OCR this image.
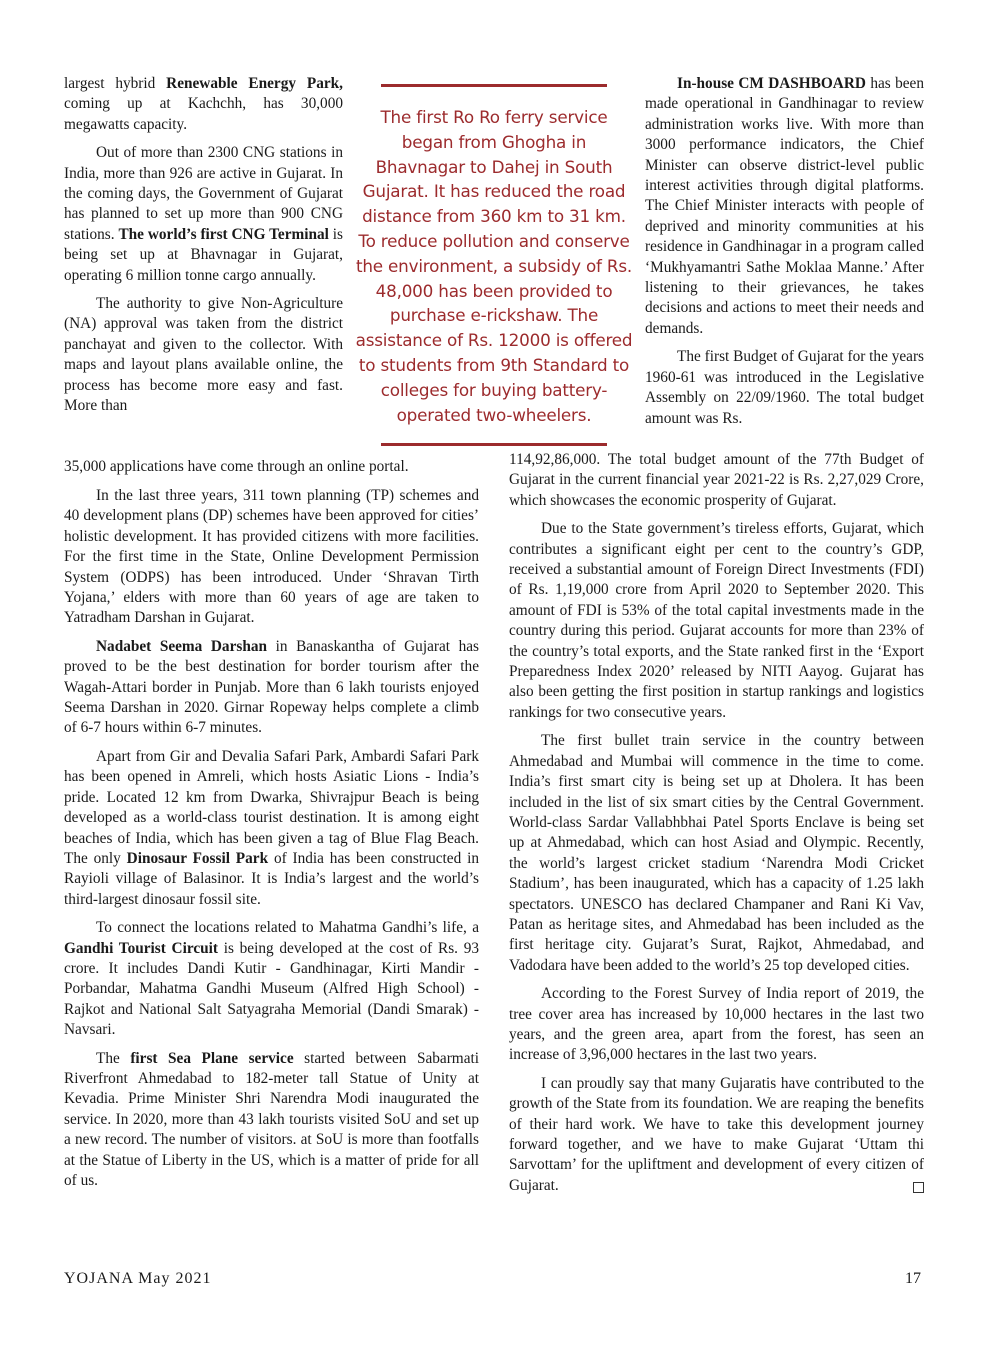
largest hybrid Renewable Energy Park, coming up at Kachchh, has 30,000 megawatts capacity.

Out of more than 2300 CNG stations in India, more than 926 are active in Gujarat. In the coming days, the Government of Gujarat has planned to set up more than 900 CNG stations. The world’s first CNG Terminal is being set up at Bhavnagar in Gujarat, operating 6 million tonne cargo annually.

The authority to give Non-Agriculture (NA) approval was taken from the district panchayat and given to the collector. With maps and layout plans available online, the process has become more easy and fast. More than

35,000 applications have come through an online portal.

In the last three years, 311 town planning (TP) schemes and 40 development plans (DP) schemes have been approved for cities’ holistic development. It has provided citizens with more facilities. For the first time in the State, Online Development Permission System (ODPS) has been introduced. Under ‘Shravan Tirth Yojana,’ elders with more than 60 years of age are taken to Yatradham Darshan in Gujarat.

Nadabet Seema Darshan in Banaskantha of Gujarat has proved to be the best destination for border tourism after the Wagah-Attari border in Punjab. More than 6 lakh tourists enjoyed Seema Darshan in 2020. Girnar Ropeway helps complete a climb of 6-7 hours within 6-7 minutes.

Apart from Gir and Devalia Safari Park, Ambardi Safari Park has been opened in Amreli, which hosts Asiatic Lions - India’s pride. Located 12 km from Dwarka, Shivrajpur Beach is being developed as a world-class tourist destination. It is among eight beaches of India, which has been given a tag of Blue Flag Beach. The only Dinosaur Fossil Park of India has been constructed in Rayioli village of Balasinor. It is India’s largest and the world’s third-largest dinosaur fossil site.

To connect the locations related to Mahatma Gandhi’s life, a Gandhi Tourist Circuit is being developed at the cost of Rs. 93 crore. It includes Dandi Kutir - Gandhinagar, Kirti Mandir - Porbandar, Mahatma Gandhi Museum (Alfred High School) - Rajkot and National Salt Satyagraha Memorial (Dandi Smarak) - Navsari.

The first Sea Plane service started between Sabarmati Riverfront Ahmedabad to 182-meter tall Statue of Unity at Kevadia. Prime Minister Shri Narendra Modi inaugurated the service. In 2020, more than 43 lakh tourists visited SoU and set up a new record. The number of visitors. at SoU is more than footfalls at the Statue of Liberty in the US, which is a matter of pride for all of us.

The first Ro Ro ferry service began from Ghogha in Bhavnagar to Dahej in South Gujarat. It has reduced the road distance from 360 km to 31 km. To reduce pollution and conserve the environment, a subsidy of Rs. 48,000 has been provided to purchase e-rickshaw. The assistance of Rs. 12000 is offered to students from 9th Standard to colleges for buying battery-operated two-wheelers.

In-house CM DASHBOARD has been made operational in Gandhinagar to review administration works live. With more than 3000 performance indicators, the Chief Minister can observe district-level public interest activities through digital platforms. The Chief Minister interacts with people of deprived and minority communities at his residence in Gandhinagar in a program called ‘Mukhyamantri Sathe Moklaa Manne.’ After listening to their grievances, he takes decisions and actions to meet their needs and demands.

The first Budget of Gujarat for the years 1960-61 was introduced in the Legislative Assembly on 22/09/1960. The total budget amount was Rs.

114,92,86,000. The total budget amount of the 77th Budget of Gujarat in the current financial year 2021-22 is Rs. 2,27,029 Crore, which showcases the economic prosperity of Gujarat.

Due to the State government’s tireless efforts, Gujarat, which contributes a significant eight per cent to the country’s GDP, received a substantial amount of Foreign Direct Investments (FDI) of Rs. 1,19,000 crore from April 2020 to September 2020. This amount of FDI is 53% of the total capital investments made in the country during this period. Gujarat accounts for more than 23% of the country’s total exports, and the State ranked first in the ‘Export Preparedness Index 2020’ released by NITI Aayog. Gujarat has also been getting the first position in startup rankings and logistics rankings for two consecutive years.

The first bullet train service in the country between Ahmedabad and Mumbai will commence in the time to come. India’s first smart city is being set up at Dholera. It has been included in the list of six smart cities by the Central Government. World-class Sardar Vallabhbhai Patel Sports Enclave is being set up at Ahmedabad, which can host Asiad and Olympic. Recently, the world’s largest cricket stadium ‘Narendra Modi Cricket Stadium’, has been inaugurated, which has a capacity of 1.25 lakh spectators. UNESCO has declared Champaner and Rani Ki Vav, Patan as heritage sites, and Ahmedabad has been included as the first heritage city. Gujarat’s Surat, Rajkot, Ahmedabad, and Vadodara have been added to the world’s 25 top developed cities.

According to the Forest Survey of India report of 2019, the tree cover area has increased by 10,000 hectares in the last two years, and the green area, apart from the forest, has seen an increase of 3,96,000 hectares in the last two years.

I can proudly say that many Gujaratis have contributed to the growth of the State from its foundation. We are reaping the benefits of their hard work. We have to take this development journey forward together, and we have to make Gujarat ‘Uttam thi Sarvottam’ for the upliftment and development of every citizen of Gujarat.

YOJANA May 2021	17
